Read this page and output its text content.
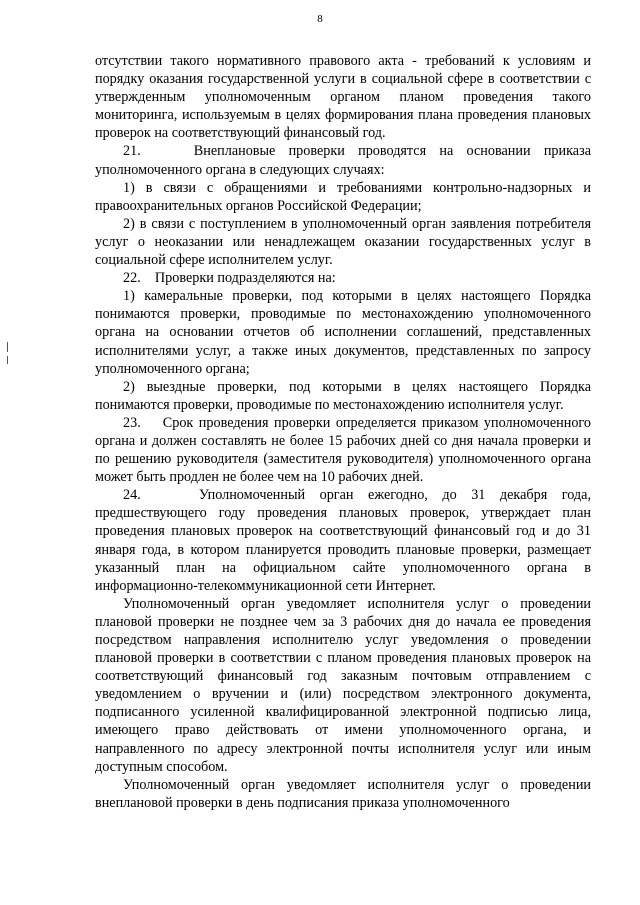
8

отсутствии такого нормативного правового акта - требований к условиям и порядку оказания государственной услуги в социальной сфере в соответствии с утвержденным уполномоченным органом планом проведения такого мониторинга, используемым в целях формирования плана проведения плановых проверок на соответствующий финансовый год.

21.    Внеплановые проверки проводятся на основании приказа уполномоченного органа в следующих случаях:

1) в связи с обращениями и требованиями контрольно-надзорных и правоохранительных органов Российской Федерации;

2) в связи с поступлением в уполномоченный орган заявления потребителя услуг о неоказании или ненадлежащем оказании государственных услуг в социальной сфере исполнителем услуг.

22.    Проверки подразделяются на:

1) камеральные проверки, под которыми в целях настоящего Порядка понимаются проверки, проводимые по местонахождению уполномоченного органа на основании отчетов об исполнении соглашений, представленных исполнителями услуг, а также иных документов, представленных по запросу уполномоченного органа;

2) выездные проверки, под которыми в целях настоящего Порядка понимаются проверки, проводимые по местонахождению исполнителя услуг.

23.    Срок проведения проверки определяется приказом уполномоченного органа и должен составлять не более 15 рабочих дней со дня начала проверки и по решению руководителя (заместителя руководителя) уполномоченного органа может быть продлен не более чем на 10 рабочих дней.

24.    Уполномоченный орган ежегодно, до 31 декабря года, предшествующего году проведения плановых проверок, утверждает план проведения плановых проверок на соответствующий финансовый год и до 31 января года, в котором планируется проводить плановые проверки, размещает указанный план на официальном сайте уполномоченного органа в информационно-телекоммуникационной сети Интернет.

Уполномоченный орган уведомляет исполнителя услуг о проведении плановой проверки не позднее чем за 3 рабочих дня до начала ее проведения посредством направления исполнителю услуг уведомления о проведении плановой проверки в соответствии с планом проведения плановых проверок на соответствующий финансовый год заказным почтовым отправлением с уведомлением о вручении и (или) посредством электронного документа, подписанного усиленной квалифицированной электронной подписью лица, имеющего право действовать от имени уполномоченного органа, и направленного по адресу электронной почты исполнителя услуг или иным доступным способом.

Уполномоченный орган уведомляет исполнителя услуг о проведении внеплановой проверки в день подписания приказа уполномоченного
